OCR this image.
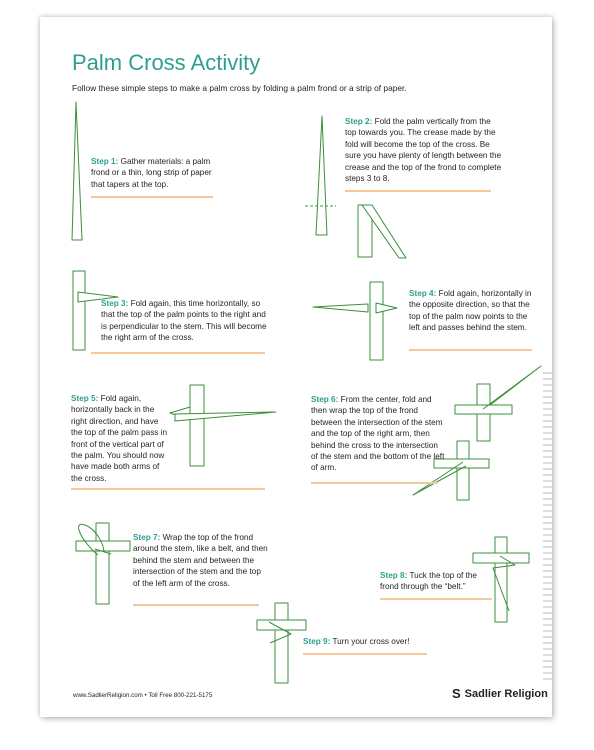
Palm Cross Activity
Follow these simple steps to make a palm cross by folding a palm frond or a strip of paper.
Step 1: Gather materials: a palm frond or a thin, long strip of paper that tapers at the top.
Step 2: Fold the palm vertically from the top towards you. The crease made by the fold will become the top of the cross. Be sure you have plenty of length between the crease and the top of the frond to complete steps 3 to 8.
Step 3: Fold again, this time horizontally, so that the top of the palm points to the right and is perpendicular to the stem. This will become the right arm of the cross.
Step 4: Fold again, horizontally in the opposite direction, so that the top of the palm now points to the left and passes behind the stem.
Step 5: Fold again, horizontally back in the right direction, and have the top of the palm pass in front of the vertical part of the palm. You should now have made both arms of the cross.
Step 6: From the center, fold and then wrap the top of the frond between the intersection of the stem and the top of the right arm, then behind the cross to the intersection of the stem and the bottom of the left of arm.
Step 7: Wrap the top of the frond around the stem, like a belt, and then behind the stem and between the intersection of the stem and the top of the left arm of the cross.
Step 8: Tuck the top of the frond through the “belt.”
Step 9: Turn your cross over!
www.SadlierReligion.com • Toll Free 800-221-5175	S Sadlier Religion
